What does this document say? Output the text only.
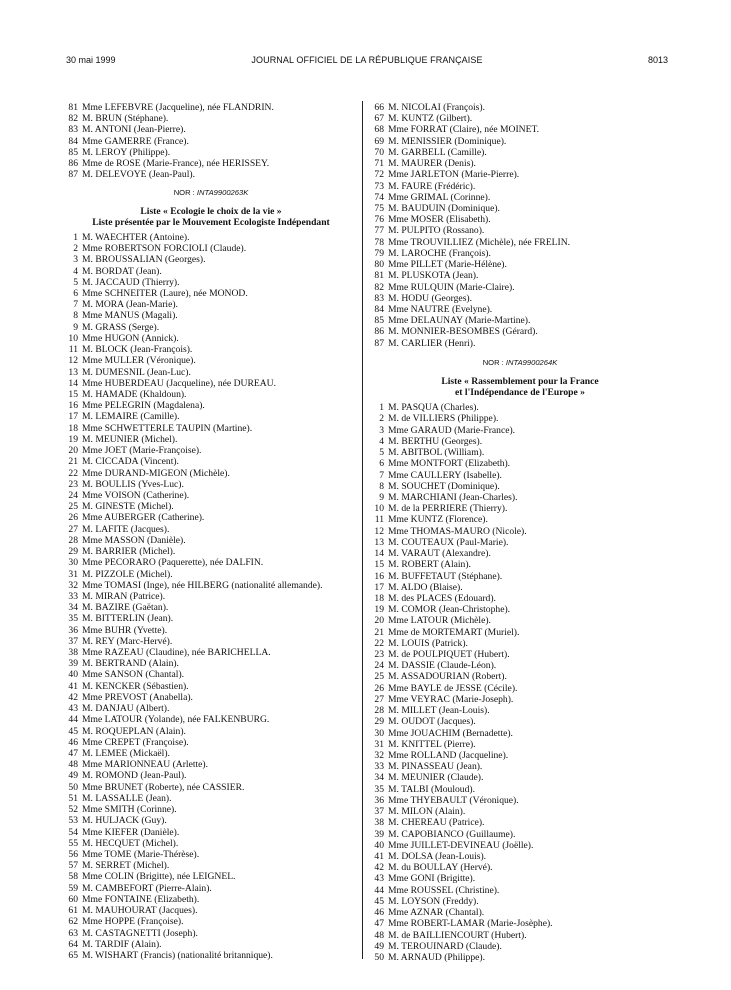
30 mai 1999	JOURNAL OFFICIEL DE LA RÉPUBLIQUE FRANÇAISE	8013
81 Mme LEFEBVRE (Jacqueline), née FLANDRIN.
82 M. BRUN (Stéphane).
83 M. ANTONI (Jean-Pierre).
84 Mme GAMERRE (France).
85 M. LEROY (Philippe).
86 Mme de ROSE (Marie-France), née HERISSEY.
87 M. DELEVOYE (Jean-Paul).
NOR : INTA9900263K
Liste « Ecologie le choix de la vie »
Liste présentée par le Mouvement Ecologiste Indépendant
1 M. WAECHTER (Antoine).
2 Mme ROBERTSON FORCIOLI (Claude).
3 M. BROUSSALIAN (Georges).
4 M. BORDAT (Jean).
5 M. JACCAUD (Thierry).
6 Mme SCHNEITER (Laure), née MONOD.
7 M. MORA (Jean-Marie).
8 Mme MANUS (Magali).
9 M. GRASS (Serge).
10 Mme HUGON (Annick).
11 M. BLOCK (Jean-François).
12 Mme MULLER (Véronique).
13 M. DUMESNIL (Jean-Luc).
14 Mme HUBERDEAU (Jacqueline), née DUREAU.
15 M. HAMADE (Khaldoun).
16 Mme PELEGRIN (Magdalena).
17 M. LEMAIRE (Camille).
18 Mme SCHWETTERLE TAUPIN (Martine).
19 M. MEUNIER (Michel).
20 Mme JOET (Marie-Françoise).
21 M. CICCADA (Vincent).
22 Mme DURAND-MIGEON (Michèle).
23 M. BOULLIS (Yves-Luc).
24 Mme VOISON (Catherine).
25 M. GINESTE (Michel).
26 Mme AUBERGER (Catherine).
27 M. LAFITE (Jacques).
28 Mme MASSON (Danièle).
29 M. BARRIER (Michel).
30 Mme PECORARO (Paquerette), née DALFIN.
31 M. PIZZOLE (Michel).
32 Mme TOMASI (Inge), née HILBERG (nationalité allemande).
33 M. MIRAN (Patrice).
34 M. BAZIRE (Gaëtan).
35 M. BITTERLIN (Jean).
36 Mme BUHR (Yvette).
37 M. REY (Marc-Hervé).
38 Mme RAZEAU (Claudine), née BARICHELLA.
39 M. BERTRAND (Alain).
40 Mme SANSON (Chantal).
41 M. KENCKER (Sébastien).
42 Mme PREVOST (Anabella).
43 M. DANJAU (Albert).
44 Mme LATOUR (Yolande), née FALKENBURG.
45 M. ROQUEPLAN (Alain).
46 Mme CREPET (Françoise).
47 M. LEMEE (Mickaël).
48 Mme MARIONNEAU (Arlette).
49 M. ROMOND (Jean-Paul).
50 Mme BRUNET (Roberte), née CASSIER.
51 M. LASSALLE (Jean).
52 Mme SMITH (Corinne).
53 M. HULJACK (Guy).
54 Mme KIEFER (Danièle).
55 M. HECQUET (Michel).
56 Mme TOME (Marie-Thérèse).
57 M. SERRET (Michel).
58 Mme COLIN (Brigitte), née LEIGNEL.
59 M. CAMBEFORT (Pierre-Alain).
60 Mme FONTAINE (Elizabeth).
61 M. MAUHOURAT (Jacques).
62 Mme HOPPE (Françoise).
63 M. CASTAGNETTI (Joseph).
64 M. TARDIF (Alain).
65 M. WISHART (Francis) (nationalité britannique).
66 M. NICOLAI (François).
67 M. KUNTZ (Gilbert).
68 Mme FORRAT (Claire), née MOINET.
69 M. MENISSIER (Dominique).
70 M. GARBELL (Camille).
71 M. MAURER (Denis).
72 Mme JARLETON (Marie-Pierre).
73 M. FAURE (Frédéric).
74 Mme GRIMAL (Corinne).
75 M. BAUDUIN (Dominique).
76 Mme MOSER (Elisabeth).
77 M. PULPITO (Rossano).
78 Mme TROUVILLIEZ (Michèle), née FRELIN.
79 M. LAROCHE (François).
80 Mme PILLET (Marie-Hélène).
81 M. PLUSKOTA (Jean).
82 Mme RULQUIN (Marie-Claire).
83 M. HODU (Georges).
84 Mme NAUTRE (Evelyne).
85 Mme DELAUNAY (Marie-Martine).
86 M. MONNIER-BESOMBES (Gérard).
87 M. CARLIER (Henri).
NOR : INTA9900264K
Liste « Rassemblement pour la France
et l'Indépendance de l'Europe »
1 M. PASQUA (Charles).
2 M. de VILLIERS (Philippe).
3 Mme GARAUD (Marie-France).
4 M. BERTHU (Georges).
5 M. ABITBOL (William).
6 Mme MONTFORT (Elizabeth).
7 Mme CAULLERY (Isabelle).
8 M. SOUCHET (Dominique).
9 M. MARCHIANI (Jean-Charles).
10 M. de la PERRIERE (Thierry).
11 Mme KUNTZ (Florence).
12 Mme THOMAS-MAURO (Nicole).
13 M. COUTEAUX (Paul-Marie).
14 M. VARAUT (Alexandre).
15 M. ROBERT (Alain).
16 M. BUFFETAUT (Stéphane).
17 M. ALDO (Blaise).
18 M. des PLACES (Edouard).
19 M. COMOR (Jean-Christophe).
20 Mme LATOUR (Michèle).
21 Mme de MORTEMART (Muriel).
22 M. LOUIS (Patrick).
23 M. de POULPIQUET (Hubert).
24 M. DASSIE (Claude-Léon).
25 M. ASSADOURIAN (Robert).
26 Mme BAYLE de JESSE (Cécile).
27 Mme VEYRAC (Marie-Joseph).
28 M. MILLET (Jean-Louis).
29 M. OUDOT (Jacques).
30 Mme JOUACHIM (Bernadette).
31 M. KNITTEL (Pierre).
32 Mme ROLLAND (Jacqueline).
33 M. PINASSEAU (Jean).
34 M. MEUNIER (Claude).
35 M. TALBI (Mouloud).
36 Mme THYEBAULT (Véronique).
37 M. MILON (Alain).
38 M. CHEREAU (Patrice).
39 M. CAPOBIANCO (Guillaume).
40 Mme JUILLET-DEVINEAU (Joëlle).
41 M. DOLSA (Jean-Louis).
42 M. du BOULLAY (Hervé).
43 Mme GONI (Brigitte).
44 Mme ROUSSEL (Christine).
45 M. LOYSON (Freddy).
46 Mme AZNAR (Chantal).
47 Mme ROBERT-LAMAR (Marie-Josèphe).
48 M. de BAILLIENCOURT (Hubert).
49 M. TEROUINARD (Claude).
50 M. ARNAUD (Philippe).
